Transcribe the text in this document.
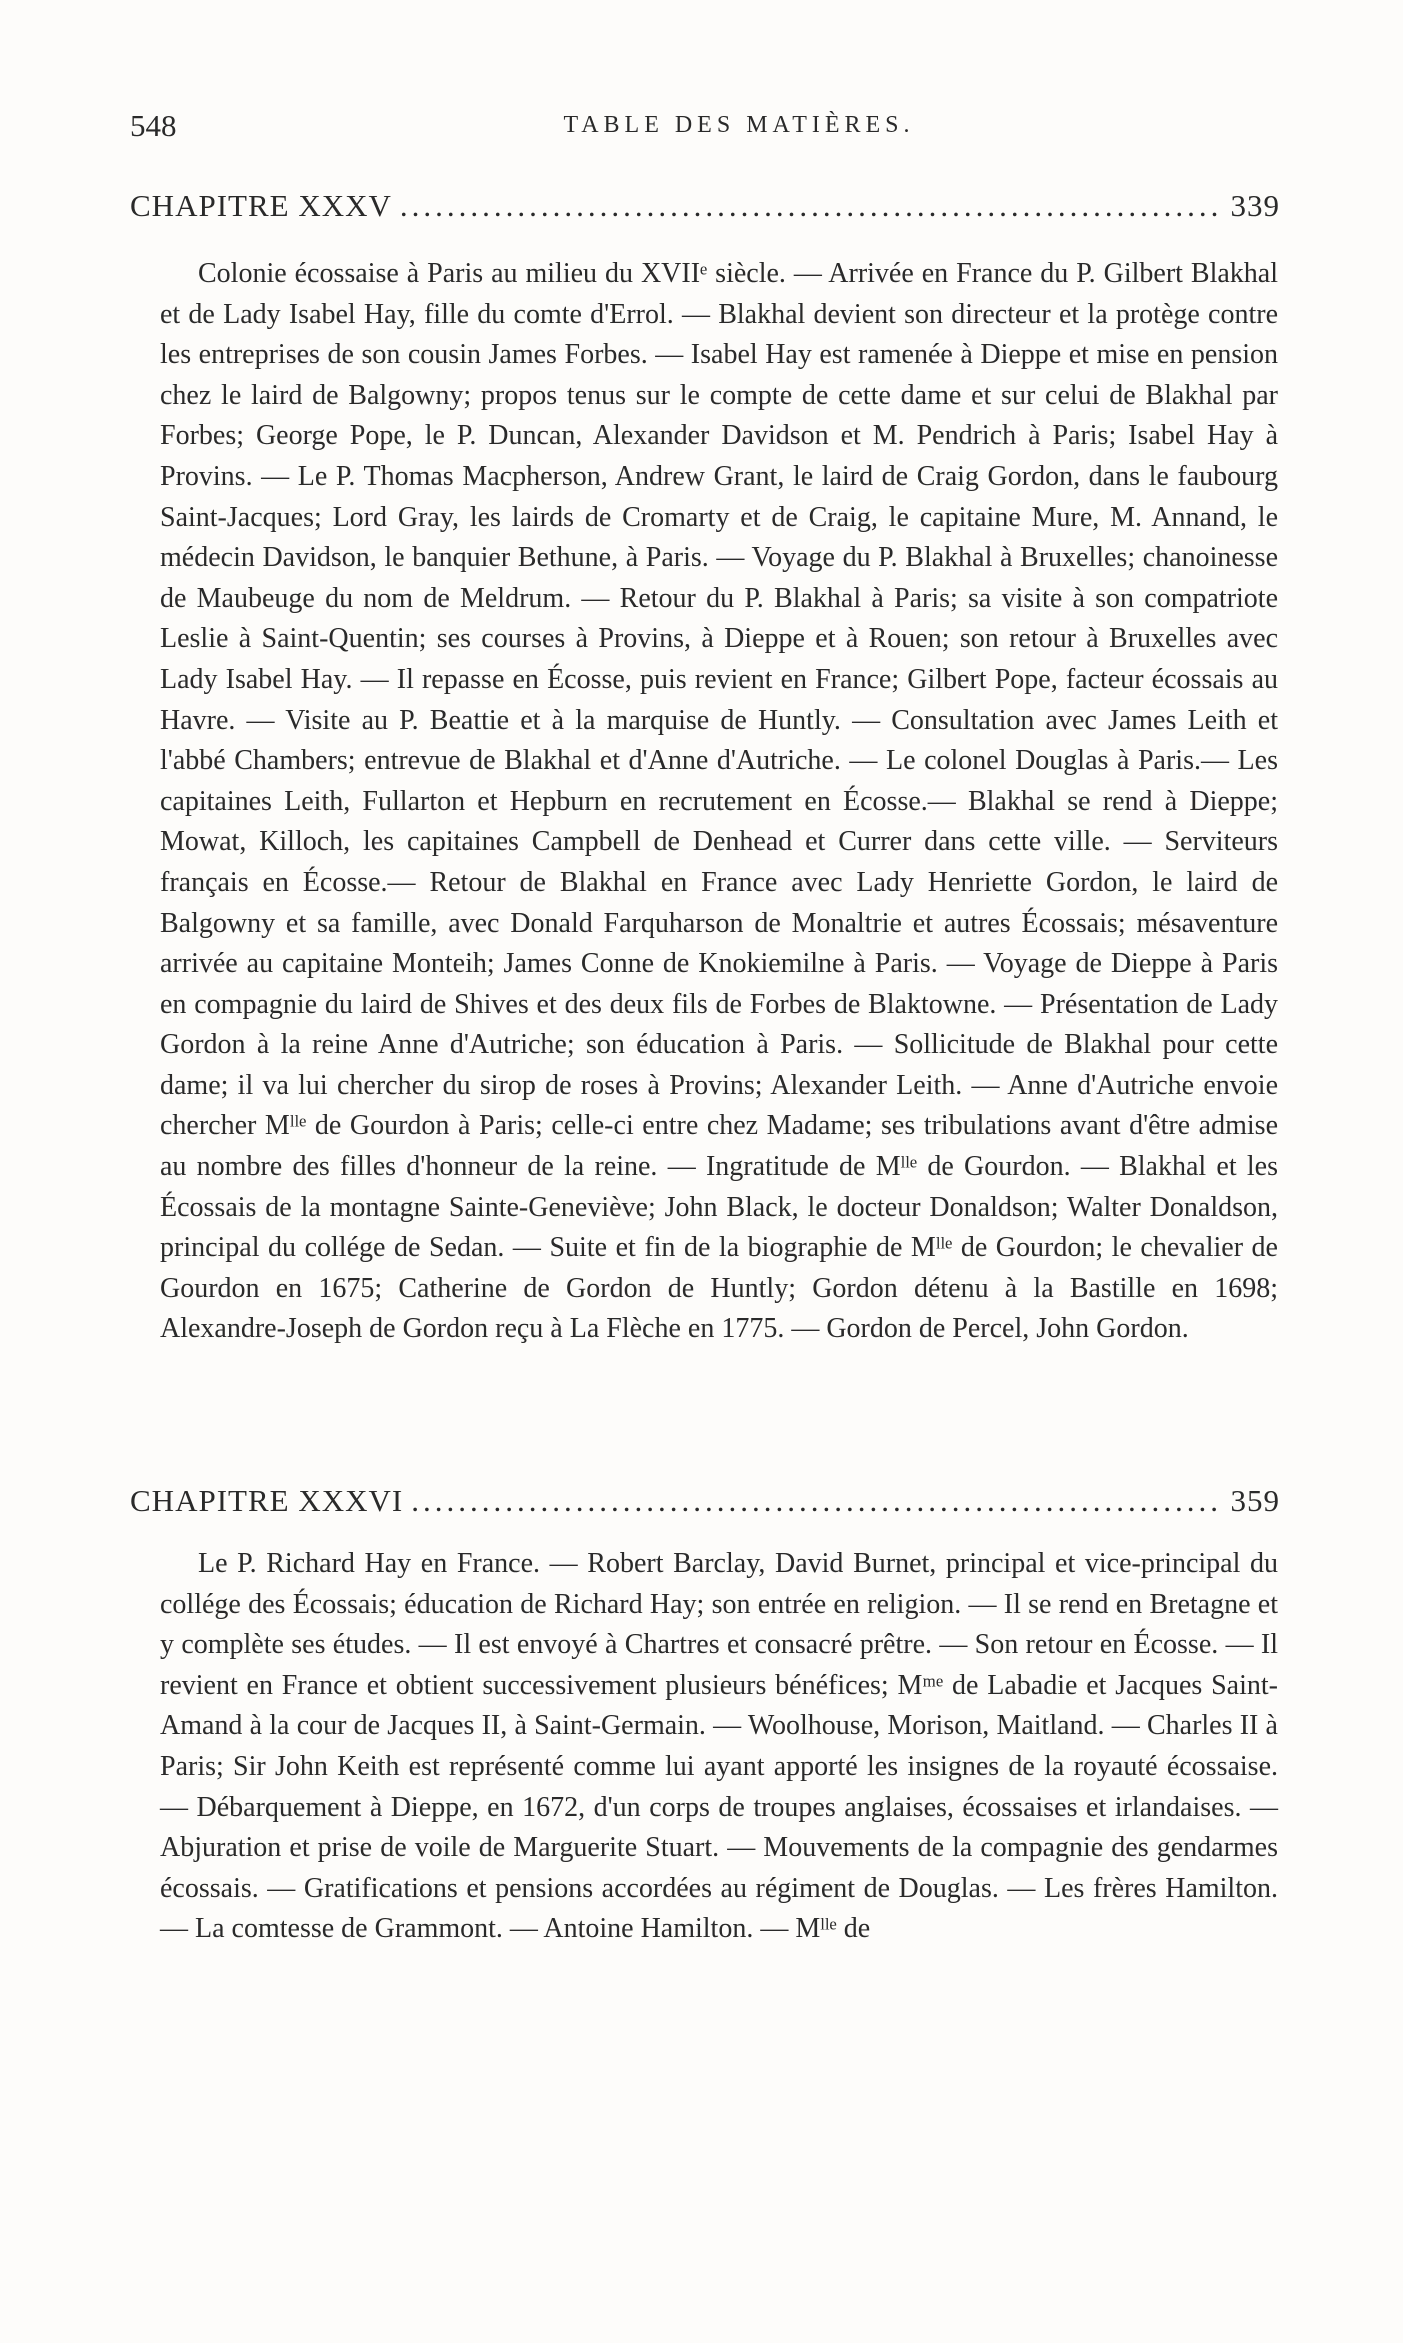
548	TABLE DES MATIÈRES.
CHAPITRE XXXV .....	339

Colonie écossaise à Paris au milieu du XVIIᵉ siècle. — Arrivée en France du P. Gilbert Blakhal et de Lady Isabel Hay, fille du comte d'Errol. — Blakhal devient son directeur et la protège contre les entreprises de son cousin James Forbes. — Isabel Hay est ramenée à Dieppe et mise en pension chez le laird de Balgowny; propos tenus sur le compte de cette dame et sur celui de Blakhal par Forbes; George Pope, le P. Duncan, Alexander Davidson et M. Pendrich à Paris; Isabel Hay à Provins. — Le P. Thomas Macpherson, Andrew Grant, le laird de Craig Gordon, dans le faubourg Saint-Jacques; Lord Gray, les lairds de Cromarty et de Craig, le capitaine Mure, M. Annand, le médecin Davidson, le banquier Bethune, à Paris. — Voyage du P. Blakhal à Bruxelles; chanoinesse de Maubeuge du nom de Meldrum. — Retour du P. Blakhal à Paris; sa visite à son compatriote Leslie à Saint-Quentin; ses courses à Provins, à Dieppe et à Rouen; son retour à Bruxelles avec Lady Isabel Hay. — Il repasse en Écosse, puis revient en France; Gilbert Pope, facteur écossais au Havre. — Visite au P. Beattie et à la marquise de Huntly. — Consultation avec James Leith et l'abbé Chambers; entrevue de Blakhal et d'Anne d'Autriche. — Le colonel Douglas à Paris.— Les capitaines Leith, Fullarton et Hepburn en recrutement en Écosse.— Blakhal se rend à Dieppe; Mowat, Killoch, les capitaines Campbell de Denhead et Currer dans cette ville. — Serviteurs français en Écosse.— Retour de Blakhal en France avec Lady Henriette Gordon, le laird de Balgowny et sa famille, avec Donald Farquharson de Monaltrie et autres Écossais; mésaventure arrivée au capitaine Monteih; James Conne de Knokiemilne à Paris. — Voyage de Dieppe à Paris en compagnie du laird de Shives et des deux fils de Forbes de Blaktowne. — Présentation de Lady Gordon à la reine Anne d'Autriche; son éducation à Paris. — Sollicitude de Blakhal pour cette dame; il va lui chercher du sirop de roses à Provins; Alexander Leith. — Anne d'Autriche envoie chercher Mˡˡᵉ de Gourdon à Paris; celle-ci entre chez Madame; ses tribulations avant d'être admise au nombre des filles d'honneur de la reine. — Ingratitude de Mˡˡᵉ de Gourdon. — Blakhal et les Écossais de la montagne Sainte-Geneviève; John Black, le docteur Donaldson; Walter Donaldson, principal du collége de Sedan. — Suite et fin de la biographie de Mˡˡᵉ de Gourdon; le chevalier de Gourdon en 1675; Catherine de Gordon de Huntly; Gordon détenu à la Bastille en 1698; Alexandre-Joseph de Gordon reçu à La Flèche en 1775. — Gordon de Percel, John Gordon.

CHAPITRE XXXVI .....	359

Le P. Richard Hay en France. — Robert Barclay, David Burnet, principal et vice-principal du collége des Écossais; éducation de Richard Hay; son entrée en religion. — Il se rend en Bretagne et y complète ses études. — Il est envoyé à Chartres et consacré prêtre. — Son retour en Écosse. — Il revient en France et obtient successivement plusieurs bénéfices; Mᵐᵉ de Labadie et Jacques Saint-Amand à la cour de Jacques II, à Saint-Germain. — Woolhouse, Morison, Maitland. — Charles II à Paris; Sir John Keith est représenté comme lui ayant apporté les insignes de la royauté écossaise. — Débarquement à Dieppe, en 1672, d'un corps de troupes anglaises, écossaises et irlandaises. — Abjuration et prise de voile de Marguerite Stuart. — Mouvements de la compagnie des gendarmes écossais. — Gratifications et pensions accordées au régiment de Douglas. — Les frères Hamilton. — La comtesse de Grammont. — Antoine Hamilton. — Mˡˡᵉ de
